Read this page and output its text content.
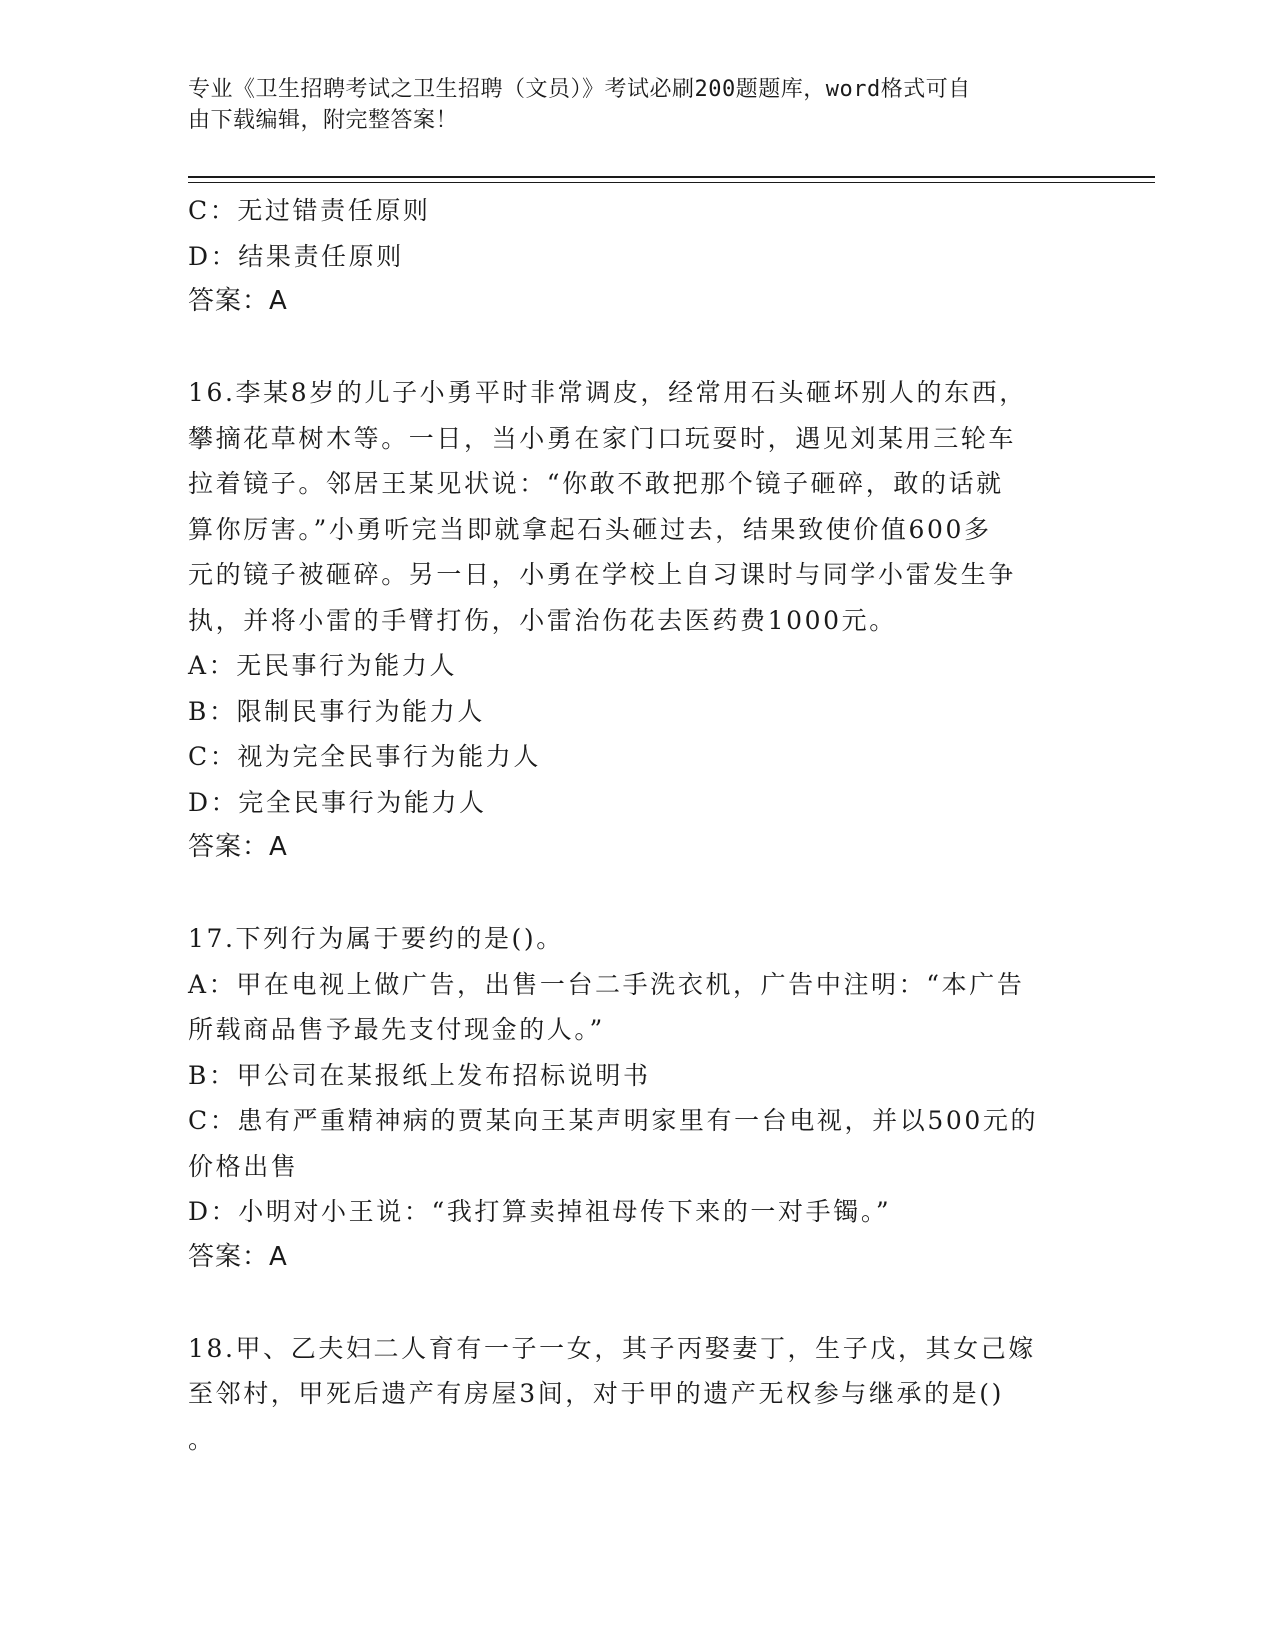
专业《卫生招聘考试之卫生招聘（文员）》考试必刷200题题库，word格式可自
由下载编辑，附完整答案！
C：无过错责任原则
D：结果责任原则
答案：A
16.李某8岁的儿子小勇平时非常调皮，经常用石头砸坏别人的东西，
攀摘花草树木等。一日，当小勇在家门口玩耍时，遇见刘某用三轮车
拉着镜子。邻居王某见状说：“你敢不敢把那个镜子砸碎，敢的话就
算你厉害。”小勇听完当即就拿起石头砸过去，结果致使价值600多
元的镜子被砸碎。另一日，小勇在学校上自习课时与同学小雷发生争
执，并将小雷的手臂打伤，小雷治伤花去医药费1000元。
A：无民事行为能力人
B：限制民事行为能力人
C：视为完全民事行为能力人
D：完全民事行为能力人
答案：A
17.下列行为属于要约的是()。
A：甲在电视上做广告，出售一台二手洗衣机，广告中注明：“本广告
所载商品售予最先支付现金的人。”
B：甲公司在某报纸上发布招标说明书
C：患有严重精神病的贾某向王某声明家里有一台电视，并以500元的
价格出售
D：小明对小王说：“我打算卖掉祖母传下来的一对手镯。”
答案：A
18.甲、乙夫妇二人育有一子一女，其子丙娶妻丁，生子戊，其女己嫁
至邻村，甲死后遗产有房屋3间，对于甲的遗产无权参与继承的是()
。
